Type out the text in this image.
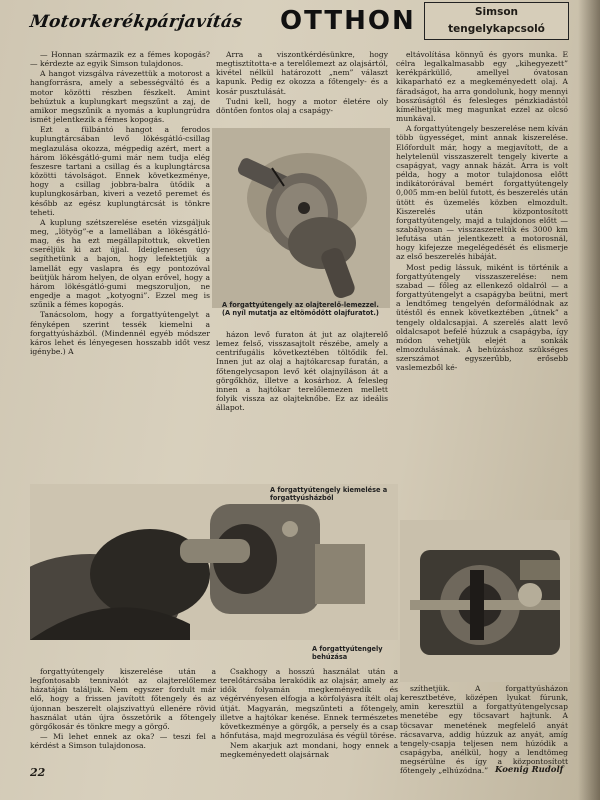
Motorkerékpárjavítás OTTHON	Simson
tengelykapcsoló

— Honnan származik ez a fémes kopogás? — kérdezte az egyik Simson tulajdonos.

A hangot vizsgálva rávezettük a motorost a hangforrásra, amely a sebességváltó és a motor közötti részben fészkelt. Amint behúztuk a kuplungkart megszűnt a zaj, de amikor megszűnik a nyomás a kuplungrúdra ismét jelentkezik a fémes kopogás.

Ezt a fülbántó hangot a ferodos kuplungtárcsában levő lökésgátló-csillag meglazulása okozza, mégpedig azért, mert a három lökésgátló-gumi már nem tudja elég feszesre tartani a csillag és a kuplungtárcsa közötti távolságot. Ennek következménye, hogy a csillag jobbra-balra ütődik a kuplungkosárban, kiveri a vezető peremet és később az egész kuplungtárcsát is tönkre teheti.

A kuplung szétszerelése esetén vizsgáljuk meg, „lötyög”-e a lamellában a lökésgátló-mag, és ha ezt megállapítottuk, okvetlen cseréljük ki azt újjal. Ideiglenesen úgy segíthetünk a bajon, hogy lefektetjük a lamellát egy vaslapra és egy pontozóval beütjük három helyen, de olyan erővel, hogy a három lökésgátló-gumi megszoruljon, ne engedje a magot „kotyogni”. Ezzel meg is szűnik a fémes kopogás.

Tanácsolom, hogy a forgattyútengelyt a fényképen szerint tessék kiemelni a forgattyúsházból. (Mindennél egyéb módszer káros lehet és lényegesen hosszabb időt vesz igénybe.) A

Arra a viszontkérdésünkre, hogy megtisztította-e a terelőlemezt az olajsártól, kivétel nélkül határozott „nem” választ kapunk. Pedig ez okozza a főtengely- és a kosár pusztulását.

Tudni kell, hogy a motor életére oly döntően fontos olaj a csapágy-

A forgattyútengely az olajterelő-lemezzel. (A nyíl mutatja az eltömődött olajfuratot.)

házon levő furaton át jut az olajterelő lemez felső, visszasajtolt részébe, amely a centrifugális következtében töltődik fel. Innen jut az olaj a hajtókarcsap furatán, a főtengelycsapon levő két olajnyíláson át a görgőkhöz, illetve a kosárhoz. A felesleg innen a hajtókar terelőlemezen mellett folyik vissza az olajteknőbe. Ez az ideális állapot.

eltávolítása könnyű és gyors munka. E célra legalkalmasabb egy „kihegyezett” kerékpárküllő, amellyel óvatosan kikaparható ez a megkeményedett olaj. A fáradságot, ha arra gondolunk, hogy mennyi bosszúságtól és felesleges pénzkiadástól kímélhetjük meg magunkat ezzel az olcsó munkával.

A forgattyútengely beszerelése nem kíván több ügyességet, mint annak kiszerelése. Előfordult már, hogy a megjavított, de a helytelenül visszaszerelt tengely kiverte a csapágyat, vagy annak házát. Arra is volt példa, hogy a motor tulajdonosa előtt indikátorórával bemért forgattyútengely 0,005 mm-en belül futott, és beszerelés után ütött és üzemelés közben elmozdult. Kiszerelés után központosított forgattyútengely, majd a tulajdonos előtt — szabályosan — visszaszereltük és 3000 km lefutása után jelentkezett a motorosnál, hogy kifejezze megelégedését és elismerje az első beszerelés hibáját.

Most pedig lássuk, miként is történik a forgattyútengely visszaszerelése: nem szabad — főleg az ellenkező oldalról — a forgattyútengelyt a csapágyba beütni, mert a lendtőmeg tengelyén deformálódnak az ütéstől és ennek következtében „ütnek” a tengely oldalcsapjai. A szerelés alatt levő oldalcsapot befelé húzzuk a csapágyba, így módon vehetjük elejét a sonkák elmozdulásának. A behúzáshoz szükséges szerszámot egyszerűbb, erősebb vaslemezből ké-

A forgattyútengely kiemelése a forgattyúsházból
A forgattyútengely behúzása

forgattyútengely kiszerelése után a legfontosabb tennivalót az olajterelőlemez házatáján találjuk. Nem egyszer fordult már elő, hogy a frissen javított főtengely és az újonnan beszerelt olajszivattyú ellenére rövid használat után újra összetörik a főtengely görgőkosár és tönkre megy a görgő.

— Mi lehet ennek az oka? — teszi fel a kérdést a Simson tulajdonosa.

Csakhogy a hosszú használat után a terelőtárcsába lerakódik az olajsár, amely az idők folyamán megkeményedik és végérvényesen elfogja a körfolyásra ítélt olaj útját. Magyarán, megszűnteti a főtengely, illetve a hajtókar kenése. Ennek természetes következménye a görgők, a persely és a csap hőnfutása, majd megrozulása és végül törése.

Nem akarjuk azt mondani, hogy ennek a megkeményedett olajsárnak

szíthetjük. A forgattyúsházon keresztbetéve, középen lyukat fúrunk, amin keresztül a forgattyútengelycsap menetébe egy töcsavart hajtunk. A töcsavar menetének megfelelő anyát rácsavarva, addig húzzuk az anyát, amíg tengely-csapja teljesen nem húzódik a csapágyba, anélkül, hogy a lendtömeg megsérülne és így a központosított főtengely „elhúzódna.”

22	Koenig Rudolf
